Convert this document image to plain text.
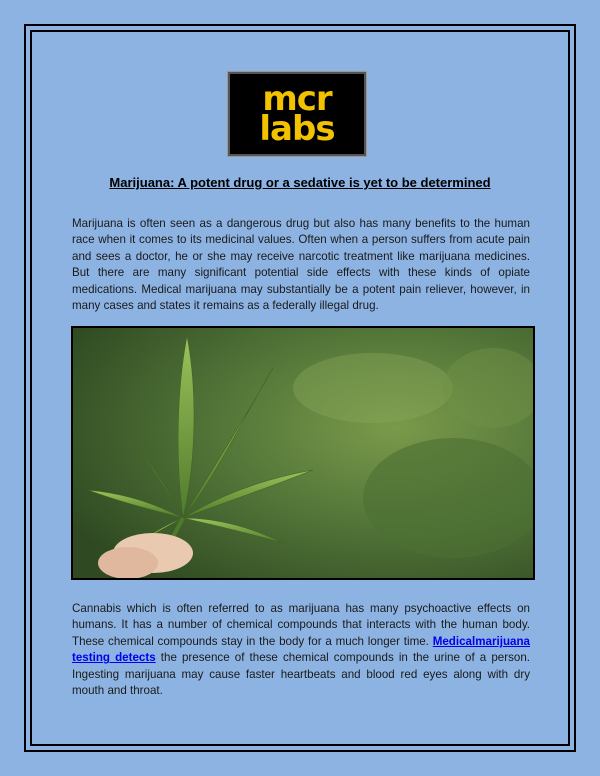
mcr
labs
Marijuana: A potent drug or a sedative is yet to be determined

Marijuana is often seen as a dangerous drug but also has many benefits to the human race when it comes to its medicinal values. Often when a person suffers from acute pain and sees a doctor, he or she may receive narcotic treatment like marijuana medicines. But there are many significant potential side effects with these kinds of opiate medications. Medical marijuana may substantially be a potent pain reliever, however, in many cases and states it remains as a federally illegal drug.

Cannabis which is often referred to as marijuana has many psychoactive effects on humans. It has a number of chemical compounds that interacts with the human body. These chemical compounds stay in the body for a much longer time. Medicalmarijuana testing detects the presence of these chemical compounds in the urine of a person. Ingesting marijuana may cause faster heartbeats and blood red eyes along with dry mouth and throat.
